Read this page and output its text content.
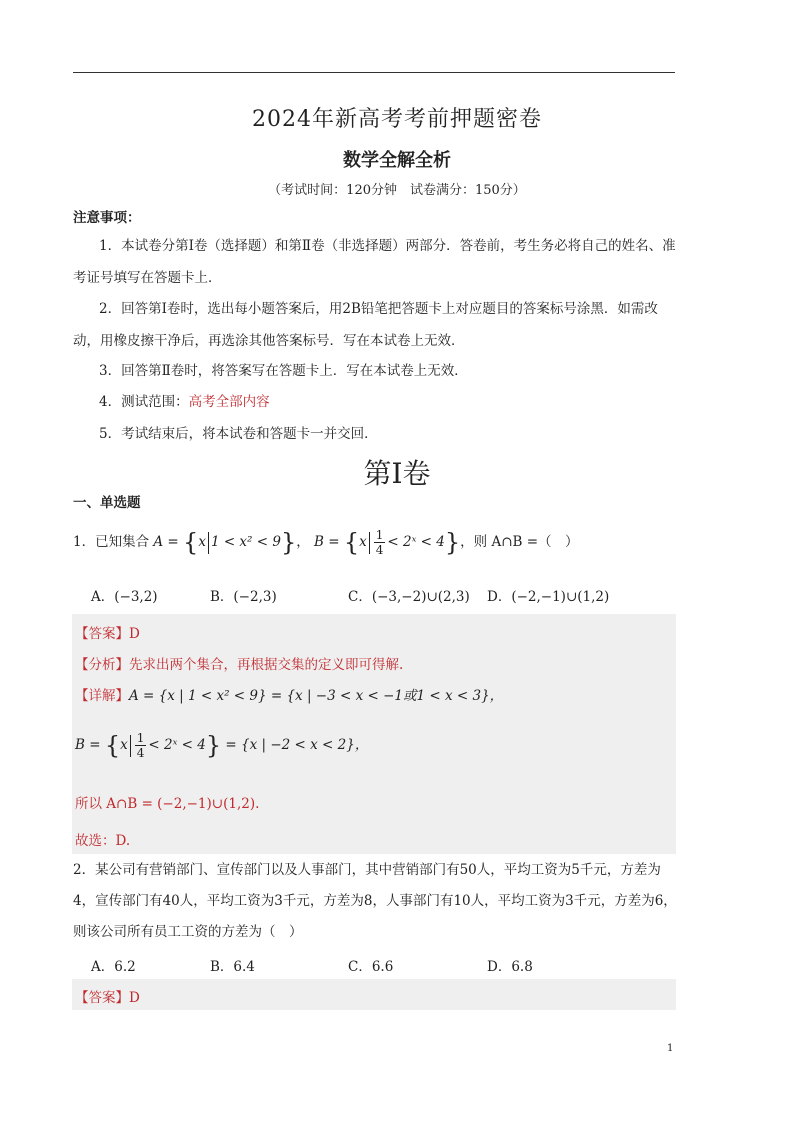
2024年新高考考前押题密卷
数学全解全析
（考试时间：120分钟　试卷满分：150分）
注意事项：
1．本试卷分第Ⅰ卷（选择题）和第Ⅱ卷（非选择题）两部分．答卷前，考生务必将自己的姓名、准考证号填写在答题卡上．
2．回答第Ⅰ卷时，选出每小题答案后，用2B铅笔把答题卡上对应题目的答案标号涂黑．如需改动，用橡皮擦干净后，再选涂其他答案标号．写在本试卷上无效．
3．回答第Ⅱ卷时，将答案写在答题卡上．写在本试卷上无效．
4．测试范围：高考全部内容
5．考试结束后，将本试卷和答题卡一并交回．
第Ⅰ卷
一、单选题
1．已知集合 A = {x 1 < x² < 9}， $B = \{x \frac{1}{4}$ < 2ˣ < 4}，则 A∩B =（　）
A．(−3,2)	B．(−2,3)	C．(−3,−2)∪(2,3) D．(−2,−1)∪(1,2)
【答案】D
【分析】先求出两个集合，再根据交集的定义即可得解.
【详解】A = {x | 1 < x² < 9} = {x | −3 < x < −1或1 < x < 3}，
$B = \{x \frac{1}{4}$ < 2ˣ < 4} = {x | −2 < x < 2}，
所以 A∩B = (−2,−1)∪(1,2).
故选：D.
2．某公司有营销部门、宣传部门以及人事部门，其中营销部门有50人，平均工资为5千元，方差为4，宣传部门有40人，平均工资为3千元，方差为8，人事部门有10人，平均工资为3千元，方差为6，则该公司所有员工工资的方差为（　）
A．6.2	B．6.4	C．6.6	D．6.8
【答案】D
1
